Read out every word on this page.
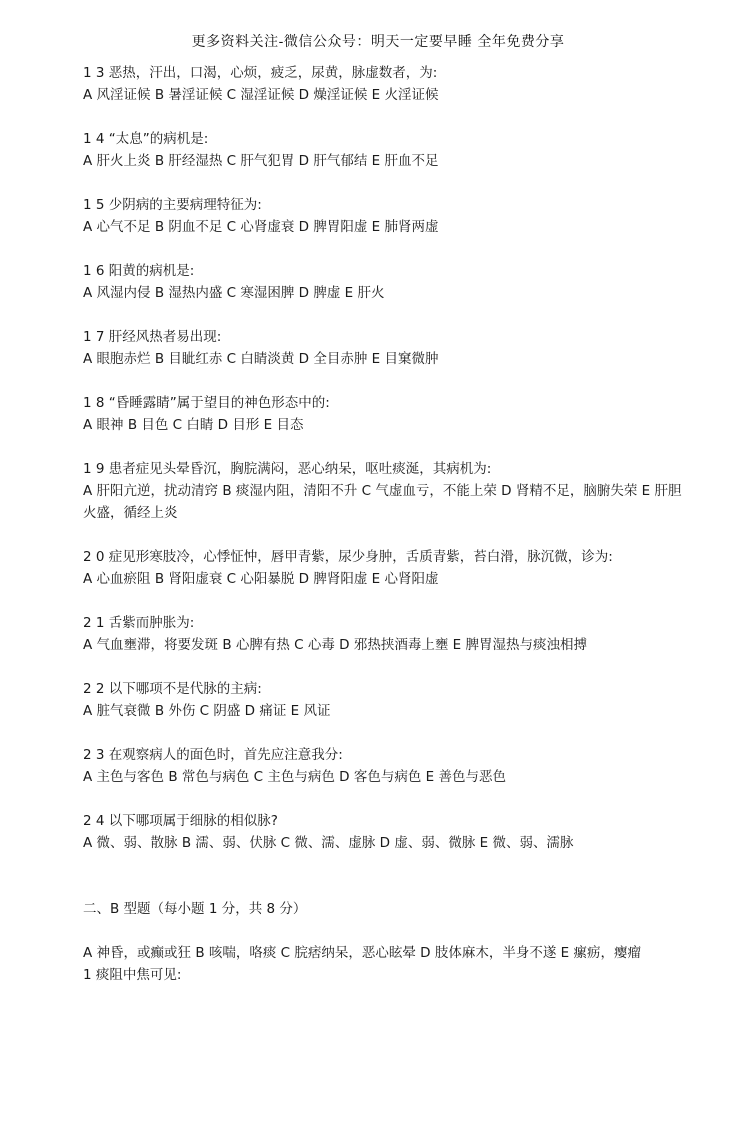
更多资料关注-微信公众号：明天一定要早睡 全年免费分享
1 3 恶热，汗出，口渴，心烦，疲乏，尿黄，脉虚数者，为:
A 风淫证候 B 暑淫证候 C 湿淫证候 D 燥淫证候 E 火淫证候
1 4 “太息”的病机是:
A 肝火上炎 B 肝经湿热 C 肝气犯胃 D 肝气郁结 E 肝血不足
1 5 少阴病的主要病理特征为:
A 心气不足 B 阴血不足 C 心肾虚衰 D 脾胃阳虚 E 肺肾两虚
1 6 阳黄的病机是:
A 风湿内侵 B 湿热内盛 C 寒湿困脾 D 脾虚 E 肝火
1 7 肝经风热者易出现:
A 眼胞赤烂 B 目眦红赤 C 白睛淡黄 D 全目赤肿 E 目窠微肿
1 8 “昏睡露睛”属于望目的神色形态中的:
A 眼神 B 目色 C 白睛 D 目形 E 目态
1 9 患者症见头晕昏沉，胸脘满闷，恶心纳呆，呕吐痰涎，其病机为:
A 肝阳亢逆，扰动清窍 B 痰湿内阻，清阳不升 C 气虚血亏，不能上荣 D 肾精不足，脑腑失荣 E 肝胆火盛，循经上炎
2 0 症见形寒肢冷，心悸怔忡，唇甲青紫，尿少身肿，舌质青紫，苔白滑，脉沉微，诊为:
A 心血瘀阻 B 肾阳虚衰 C 心阳暴脱 D 脾肾阳虚 E 心肾阳虚
2 1 舌紫而肿胀为:
A 气血壅滞，将要发斑 B 心脾有热 C 心毒 D 邪热挟酒毒上壅 E 脾胃湿热与痰浊相搏
2 2 以下哪项不是代脉的主病:
A 脏气衰微 B 外伤 C 阴盛 D 痛证 E 风证
2 3 在观察病人的面色时，首先应注意我分:
A 主色与客色 B 常色与病色 C 主色与病色 D 客色与病色 E 善色与恶色
2 4 以下哪项属于细脉的相似脉?
A 微、弱、散脉 B 濡、弱、伏脉 C 微、濡、虚脉 D 虚、弱、微脉 E 微、弱、濡脉
二、B 型题（每小题 1 分，共 8 分）
A 神昏，或癫或狂 B 咳喘，咯痰 C 脘痞纳呆，恶心眩晕 D 肢体麻木，半身不遂 E 瘰疬，瘿瘤
1 痰阻中焦可见:
